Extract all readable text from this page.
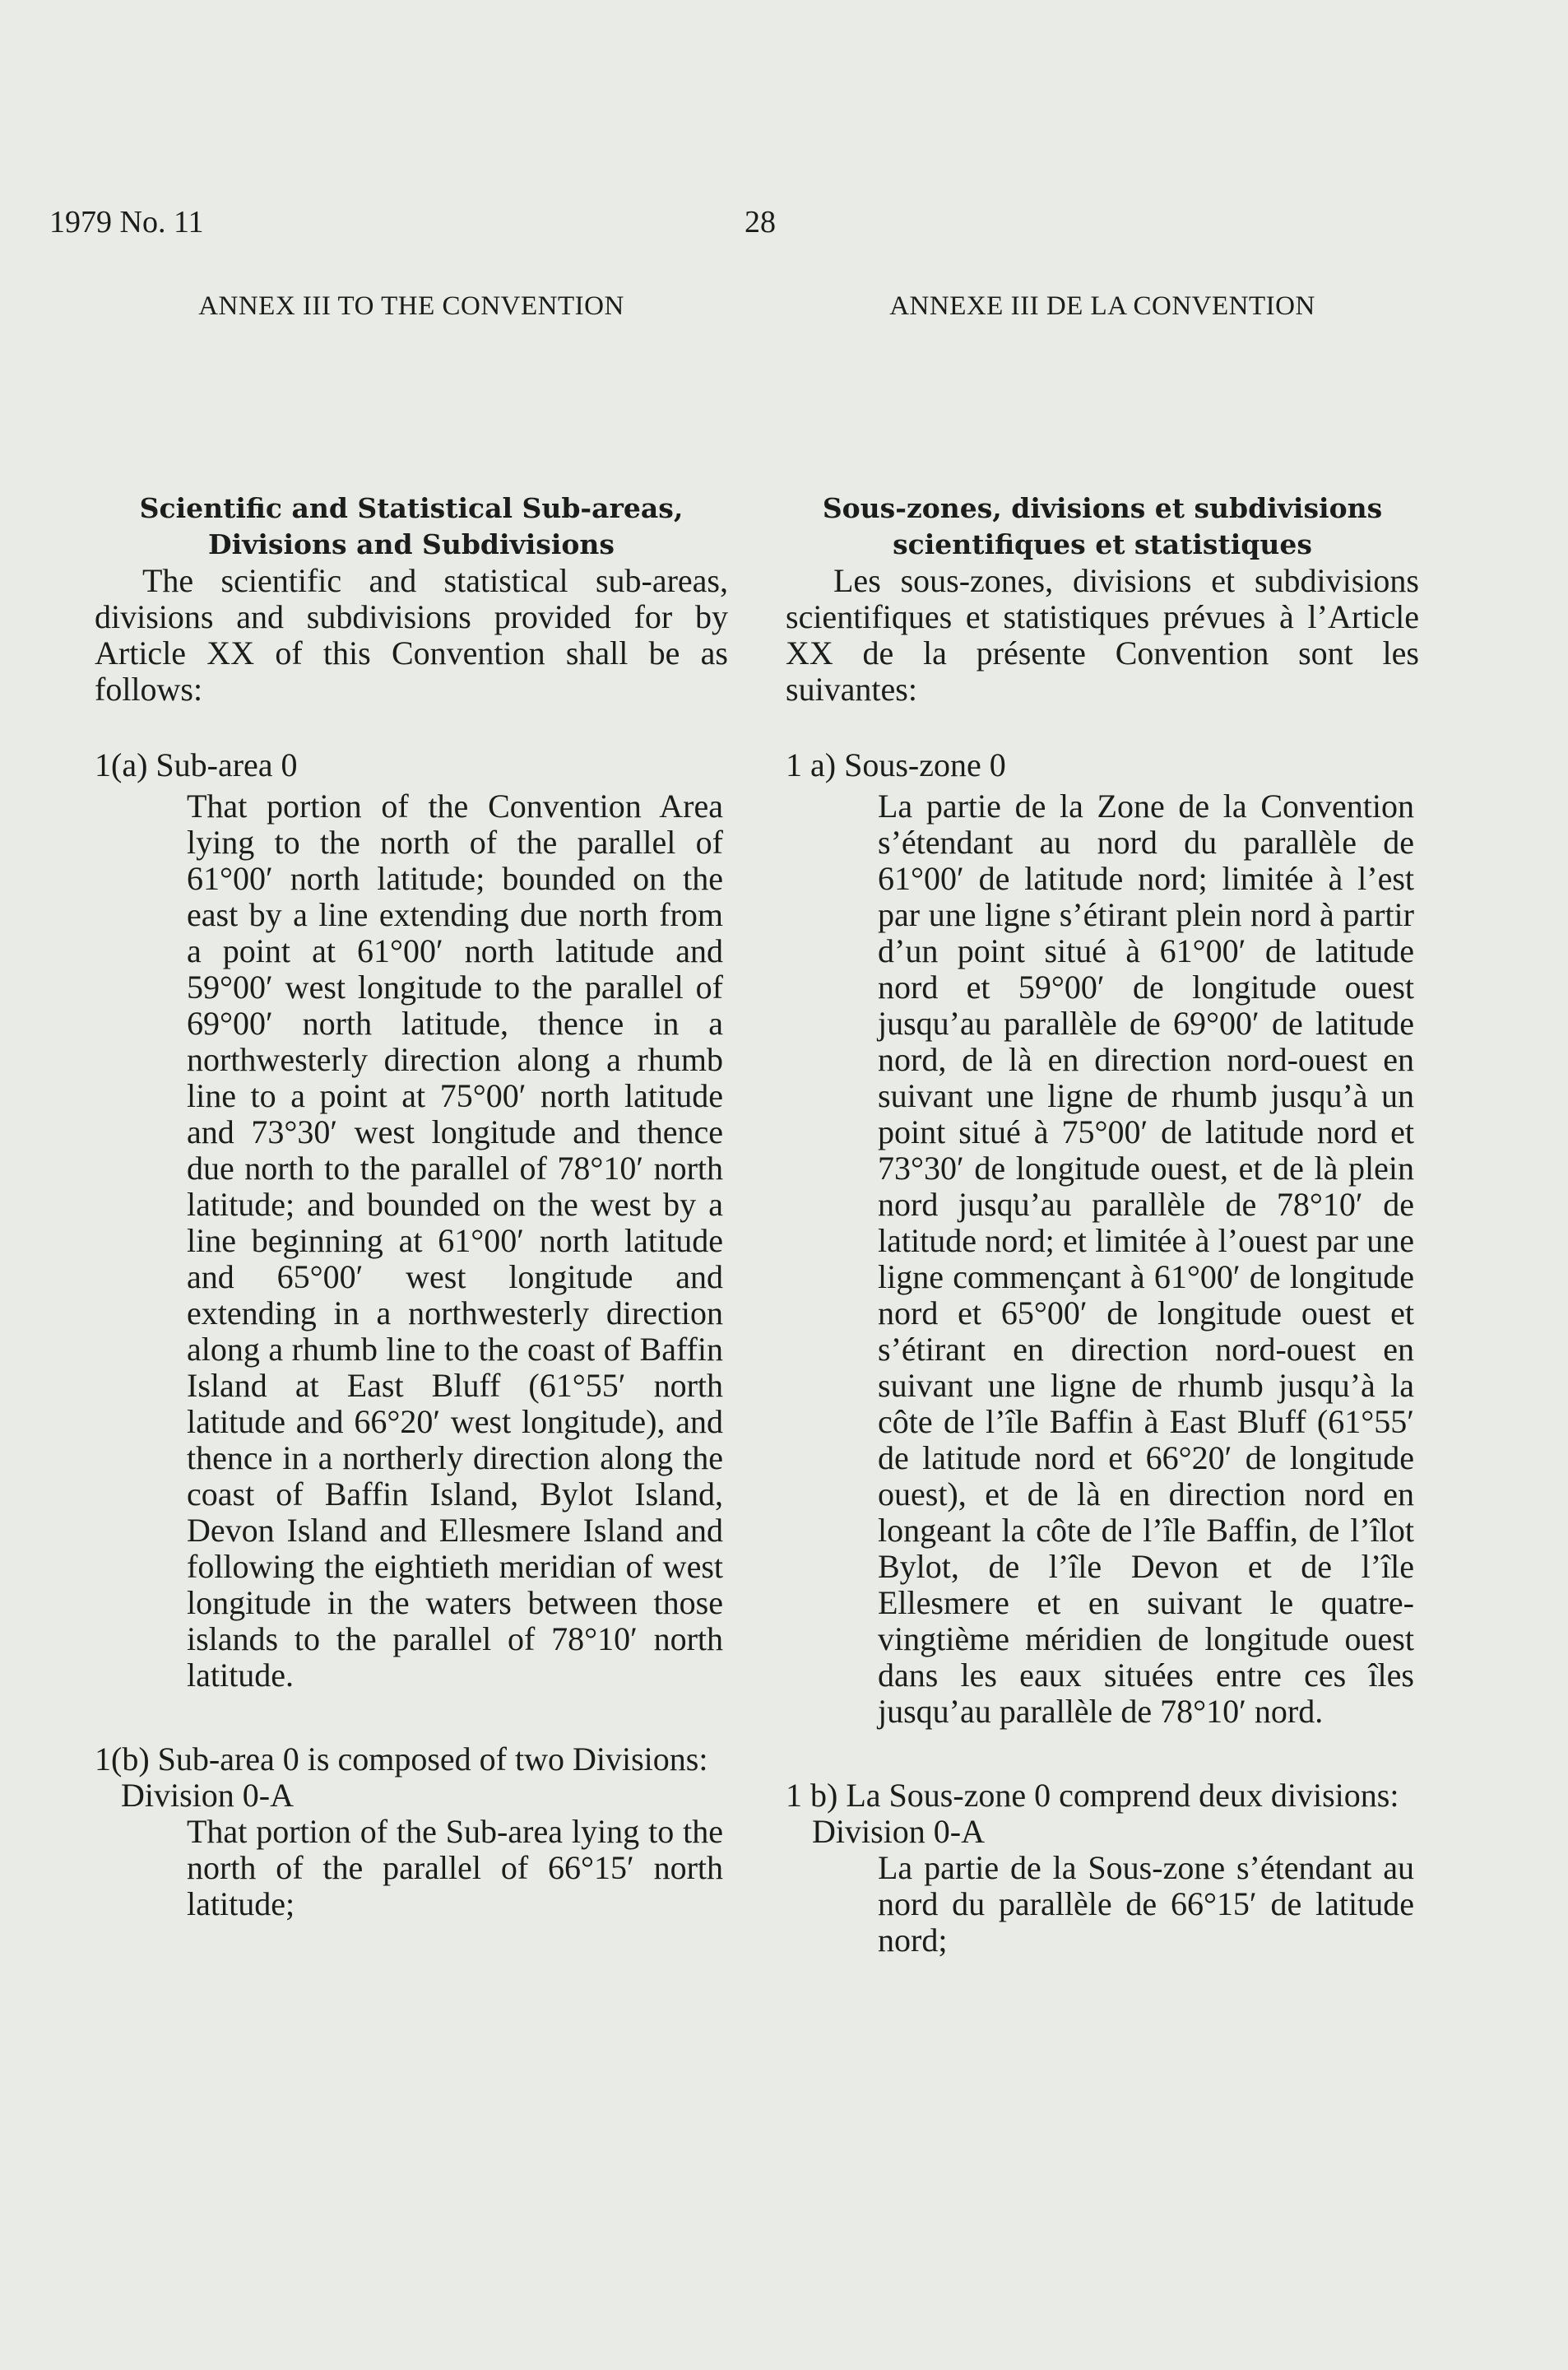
1979 No. 11	28
ANNEX III TO THE CONVENTION
Scientific and Statistical Sub-areas,
Divisions and Subdivisions
The scientific and statistical sub-areas, divisions and subdivisions provided for by Article XX of this Convention shall be as follows:
1(a) Sub-area 0
That portion of the Convention Area lying to the north of the parallel of 61°00′ north latitude; bounded on the east by a line extending due north from a point at 61°00′ north latitude and 59°00′ west longitude to the parallel of 69°00′ north latitude, thence in a northwesterly direction along a rhumb line to a point at 75°00′ north latitude and 73°30′ west longitude and thence due north to the parallel of 78°10′ north latitude; and bounded on the west by a line beginning at 61°00′ north latitude and 65°00′ west longitude and extending in a northwesterly direction along a rhumb line to the coast of Baffin Island at East Bluff (61°55′ north latitude and 66°20′ west longitude), and thence in a northerly direction along the coast of Baffin Island, Bylot Island, Devon Island and Ellesmere Island and following the eightieth meridian of west longitude in the waters between those islands to the parallel of 78°10′ north latitude.
1(b) Sub-area 0 is composed of two Divisions:
Division 0-A
That portion of the Sub-area lying to the north of the parallel of 66°15′ north latitude;
ANNEXE III DE LA CONVENTION
Sous-zones, divisions et subdivisions
scientifiques et statistiques
Les sous-zones, divisions et subdivisions scientifiques et statistiques prévues à l’Article XX de la présente Convention sont les suivantes:
1 a) Sous-zone 0
La partie de la Zone de la Convention s’étendant au nord du parallèle de 61°00′ de latitude nord; limitée à l’est par une ligne s’étirant plein nord à partir d’un point situé à 61°00′ de latitude nord et 59°00′ de longitude ouest jusqu’au parallèle de 69°00′ de latitude nord, de là en direction nord-ouest en suivant une ligne de rhumb jusqu’à un point situé à 75°00′ de latitude nord et 73°30′ de longitude ouest, et de là plein nord jusqu’au parallèle de 78°10′ de latitude nord; et limitée à l’ouest par une ligne commençant à 61°00′ de longitude nord et 65°00′ de longitude ouest et s’étirant en direction nord-ouest en suivant une ligne de rhumb jusqu’à la côte de l’île Baffin à East Bluff (61°55′ de latitude nord et 66°20′ de longitude ouest), et de là en direction nord en longeant la côte de l’île Baffin, de l’îlot Bylot, de l’île Devon et de l’île Ellesmere et en suivant le quatre-vingtième méridien de longitude ouest dans les eaux situées entre ces îles jusqu’au parallèle de 78°10′ nord.
1 b) La Sous-zone 0 comprend deux divisions:
Division 0-A
La partie de la Sous-zone s’étendant au nord du parallèle de 66°15′ de latitude nord;
